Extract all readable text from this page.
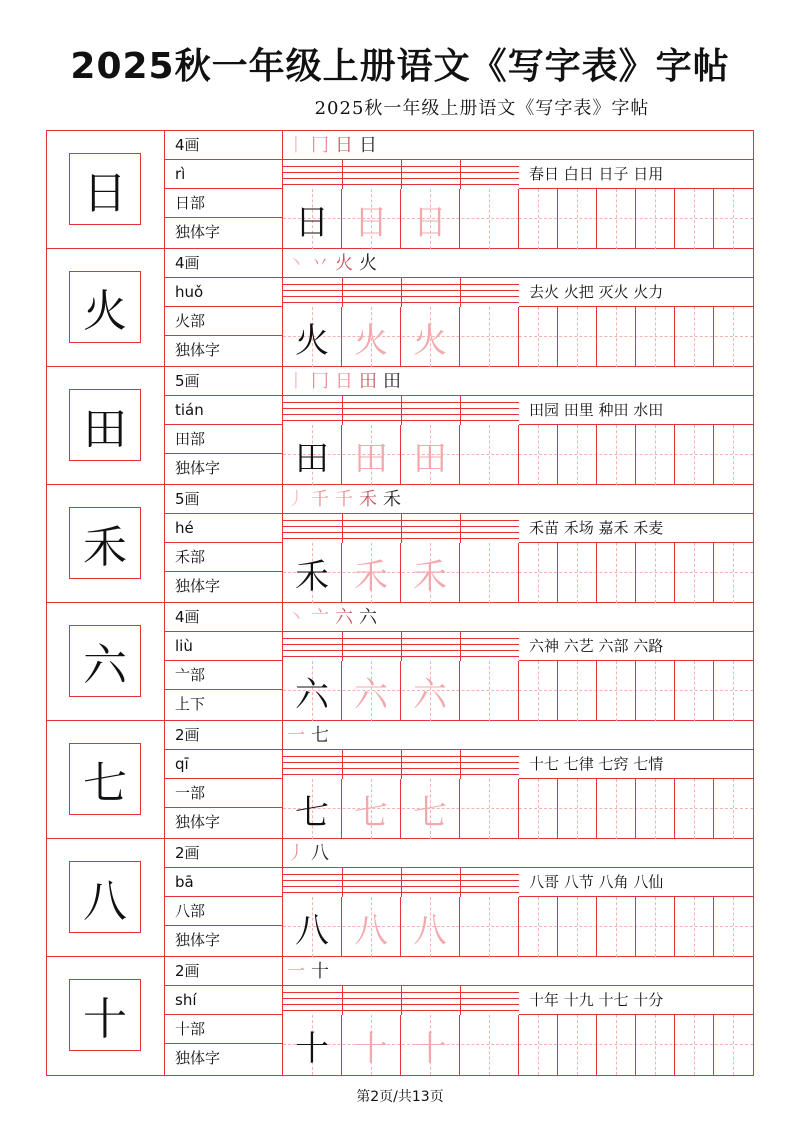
2025秋一年级上册语文《写字表》字帖
2025秋一年级上册语文《写字表》字帖
日
4画
rì
日部
独体字
丨 冂 日 日
日 日 日
春日 白日 日子 日用
火
4画
huǒ
火部
独体字
丶 丷 火 火
火 火 火
去火 火把 灭火 火力
田
5画
tián
田部
独体字
丨 冂 日 田 田
田 田 田
田园 田里 种田 水田
禾
5画
hé
禾部
独体字
丿 千 千 禾 禾
禾 禾 禾
禾苗 禾场 嘉禾 禾麦
六
4画
liù
亠部
上下
丶 亠 六 六
六 六 六
六神 六艺 六部 六路
七
2画
qī
一部
独体字
一 七
七 七 七
十七 七律 七窍 七情
八
2画
bā
八部
独体字
丿 八
八 八 八
八哥 八节 八角 八仙
十
2画
shí
十部
独体字
一 十
十 十 十
十年 十九 十七 十分
第2页/共13页
